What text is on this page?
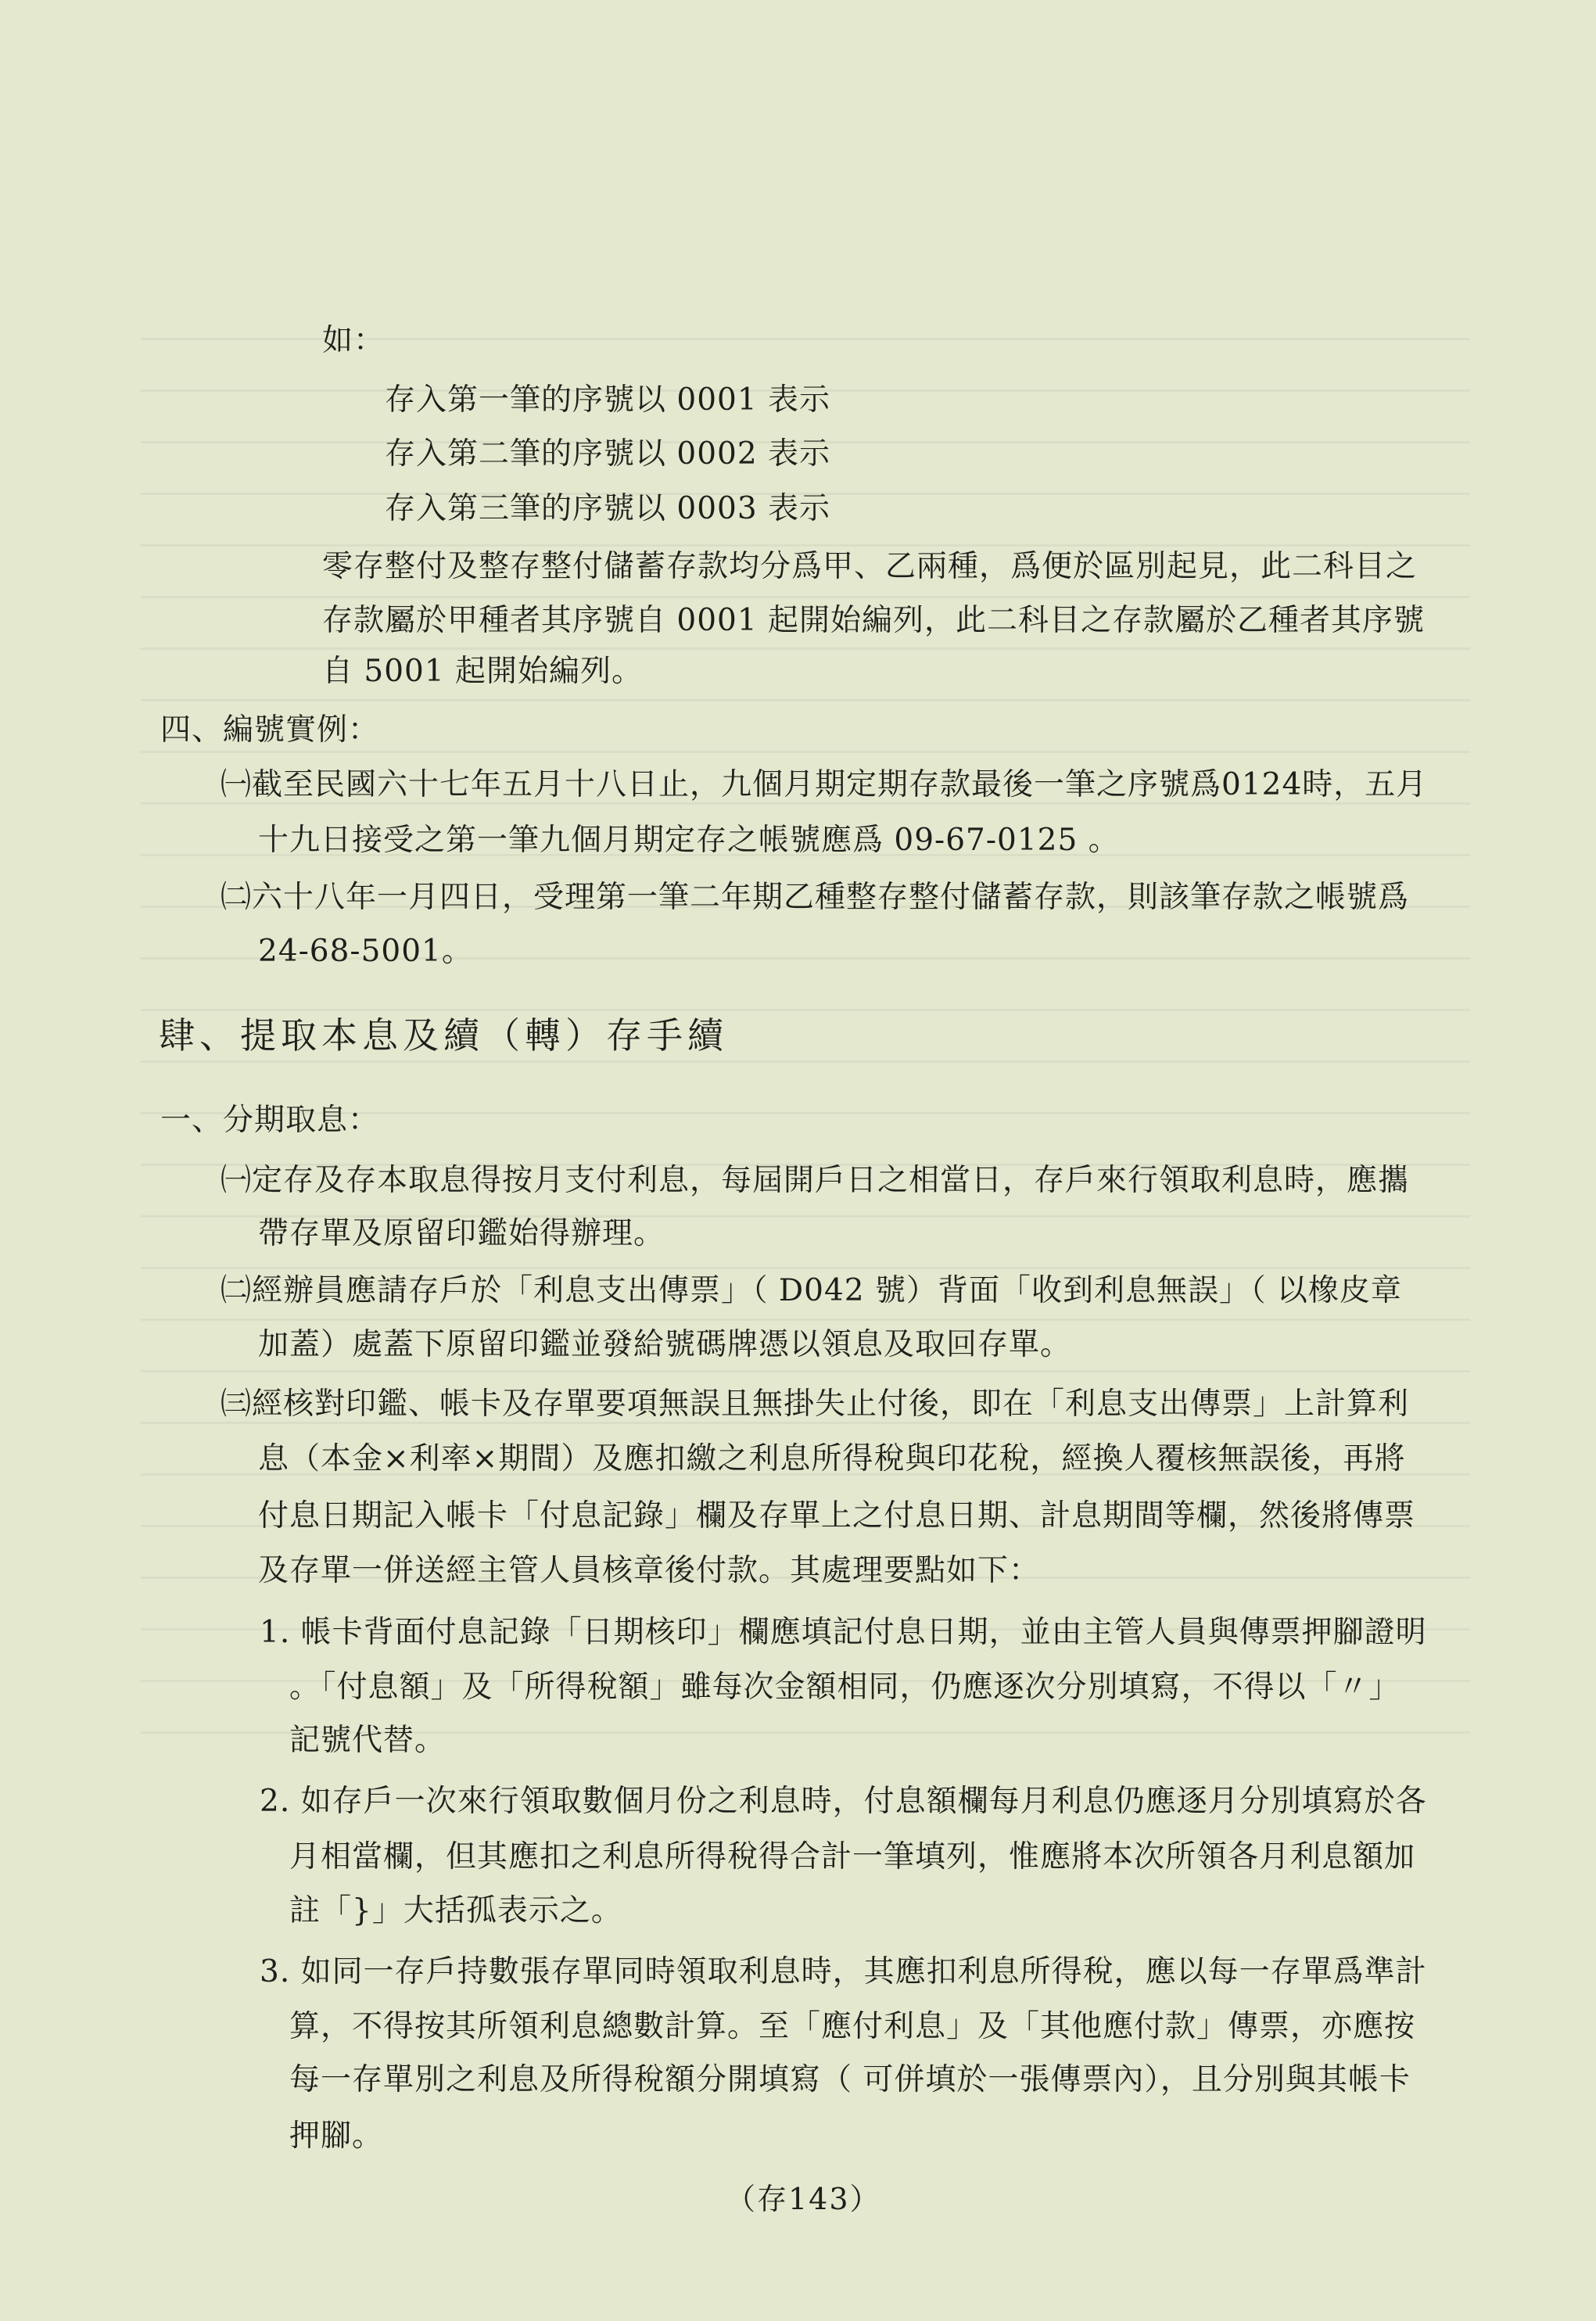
如：

存入第一筆的序號以 0001 表示

存入第二筆的序號以 0002 表示

存入第三筆的序號以 0003 表示

零存整付及整存整付儲蓄存款均分爲甲、乙兩種，爲便於區別起見，此二科目之

存款屬於甲種者其序號自 0001 起開始編列，此二科目之存款屬於乙種者其序號

自 5001 起開始編列。

四、編號實例：

㈠截至民國六十七年五月十八日止，九個月期定期存款最後一筆之序號爲0124時，五月

十九日接受之第一筆九個月期定存之帳號應爲 09-67-0125 。

㈡六十八年一月四日，受理第一筆二年期乙種整存整付儲蓄存款，則該筆存款之帳號爲

24-68-5001。

肆、提取本息及續（轉）存手續

一、分期取息：

㈠定存及存本取息得按月支付利息，每屆開戶日之相當日，存戶來行領取利息時，應攜

帶存單及原留印鑑始得辦理。

㈡經辦員應請存戶於「利息支出傳票」（ D042 號）背面「收到利息無誤」（ 以橡皮章

加蓋）處蓋下原留印鑑並發給號碼牌憑以領息及取回存單。

㈢經核對印鑑、帳卡及存單要項無誤且無掛失止付後，即在「利息支出傳票」上計算利

息（本金×利率×期間）及應扣繳之利息所得稅與印花稅，經換人覆核無誤後，再將

付息日期記入帳卡「付息記錄」欄及存單上之付息日期、計息期間等欄，然後將傳票

及存單一併送經主管人員核章後付款。其處理要點如下：

1. 帳卡背面付息記錄「日期核印」欄應填記付息日期，並由主管人員與傳票押腳證明

。「付息額」及「所得稅額」雖每次金額相同，仍應逐次分別填寫，不得以「〃」

記號代替。

2. 如存戶一次來行領取數個月份之利息時，付息額欄每月利息仍應逐月分別填寫於各

月相當欄，但其應扣之利息所得稅得合計一筆填列，惟應將本次所領各月利息額加

註「}」大括孤表示之。

3. 如同一存戶持數張存單同時領取利息時，其應扣利息所得稅，應以每一存單爲準計

算，不得按其所領利息總數計算。至「應付利息」及「其他應付款」傳票，亦應按

每一存單別之利息及所得稅額分開填寫（ 可併填於一張傳票內），且分別與其帳卡

押腳。

（存143）
